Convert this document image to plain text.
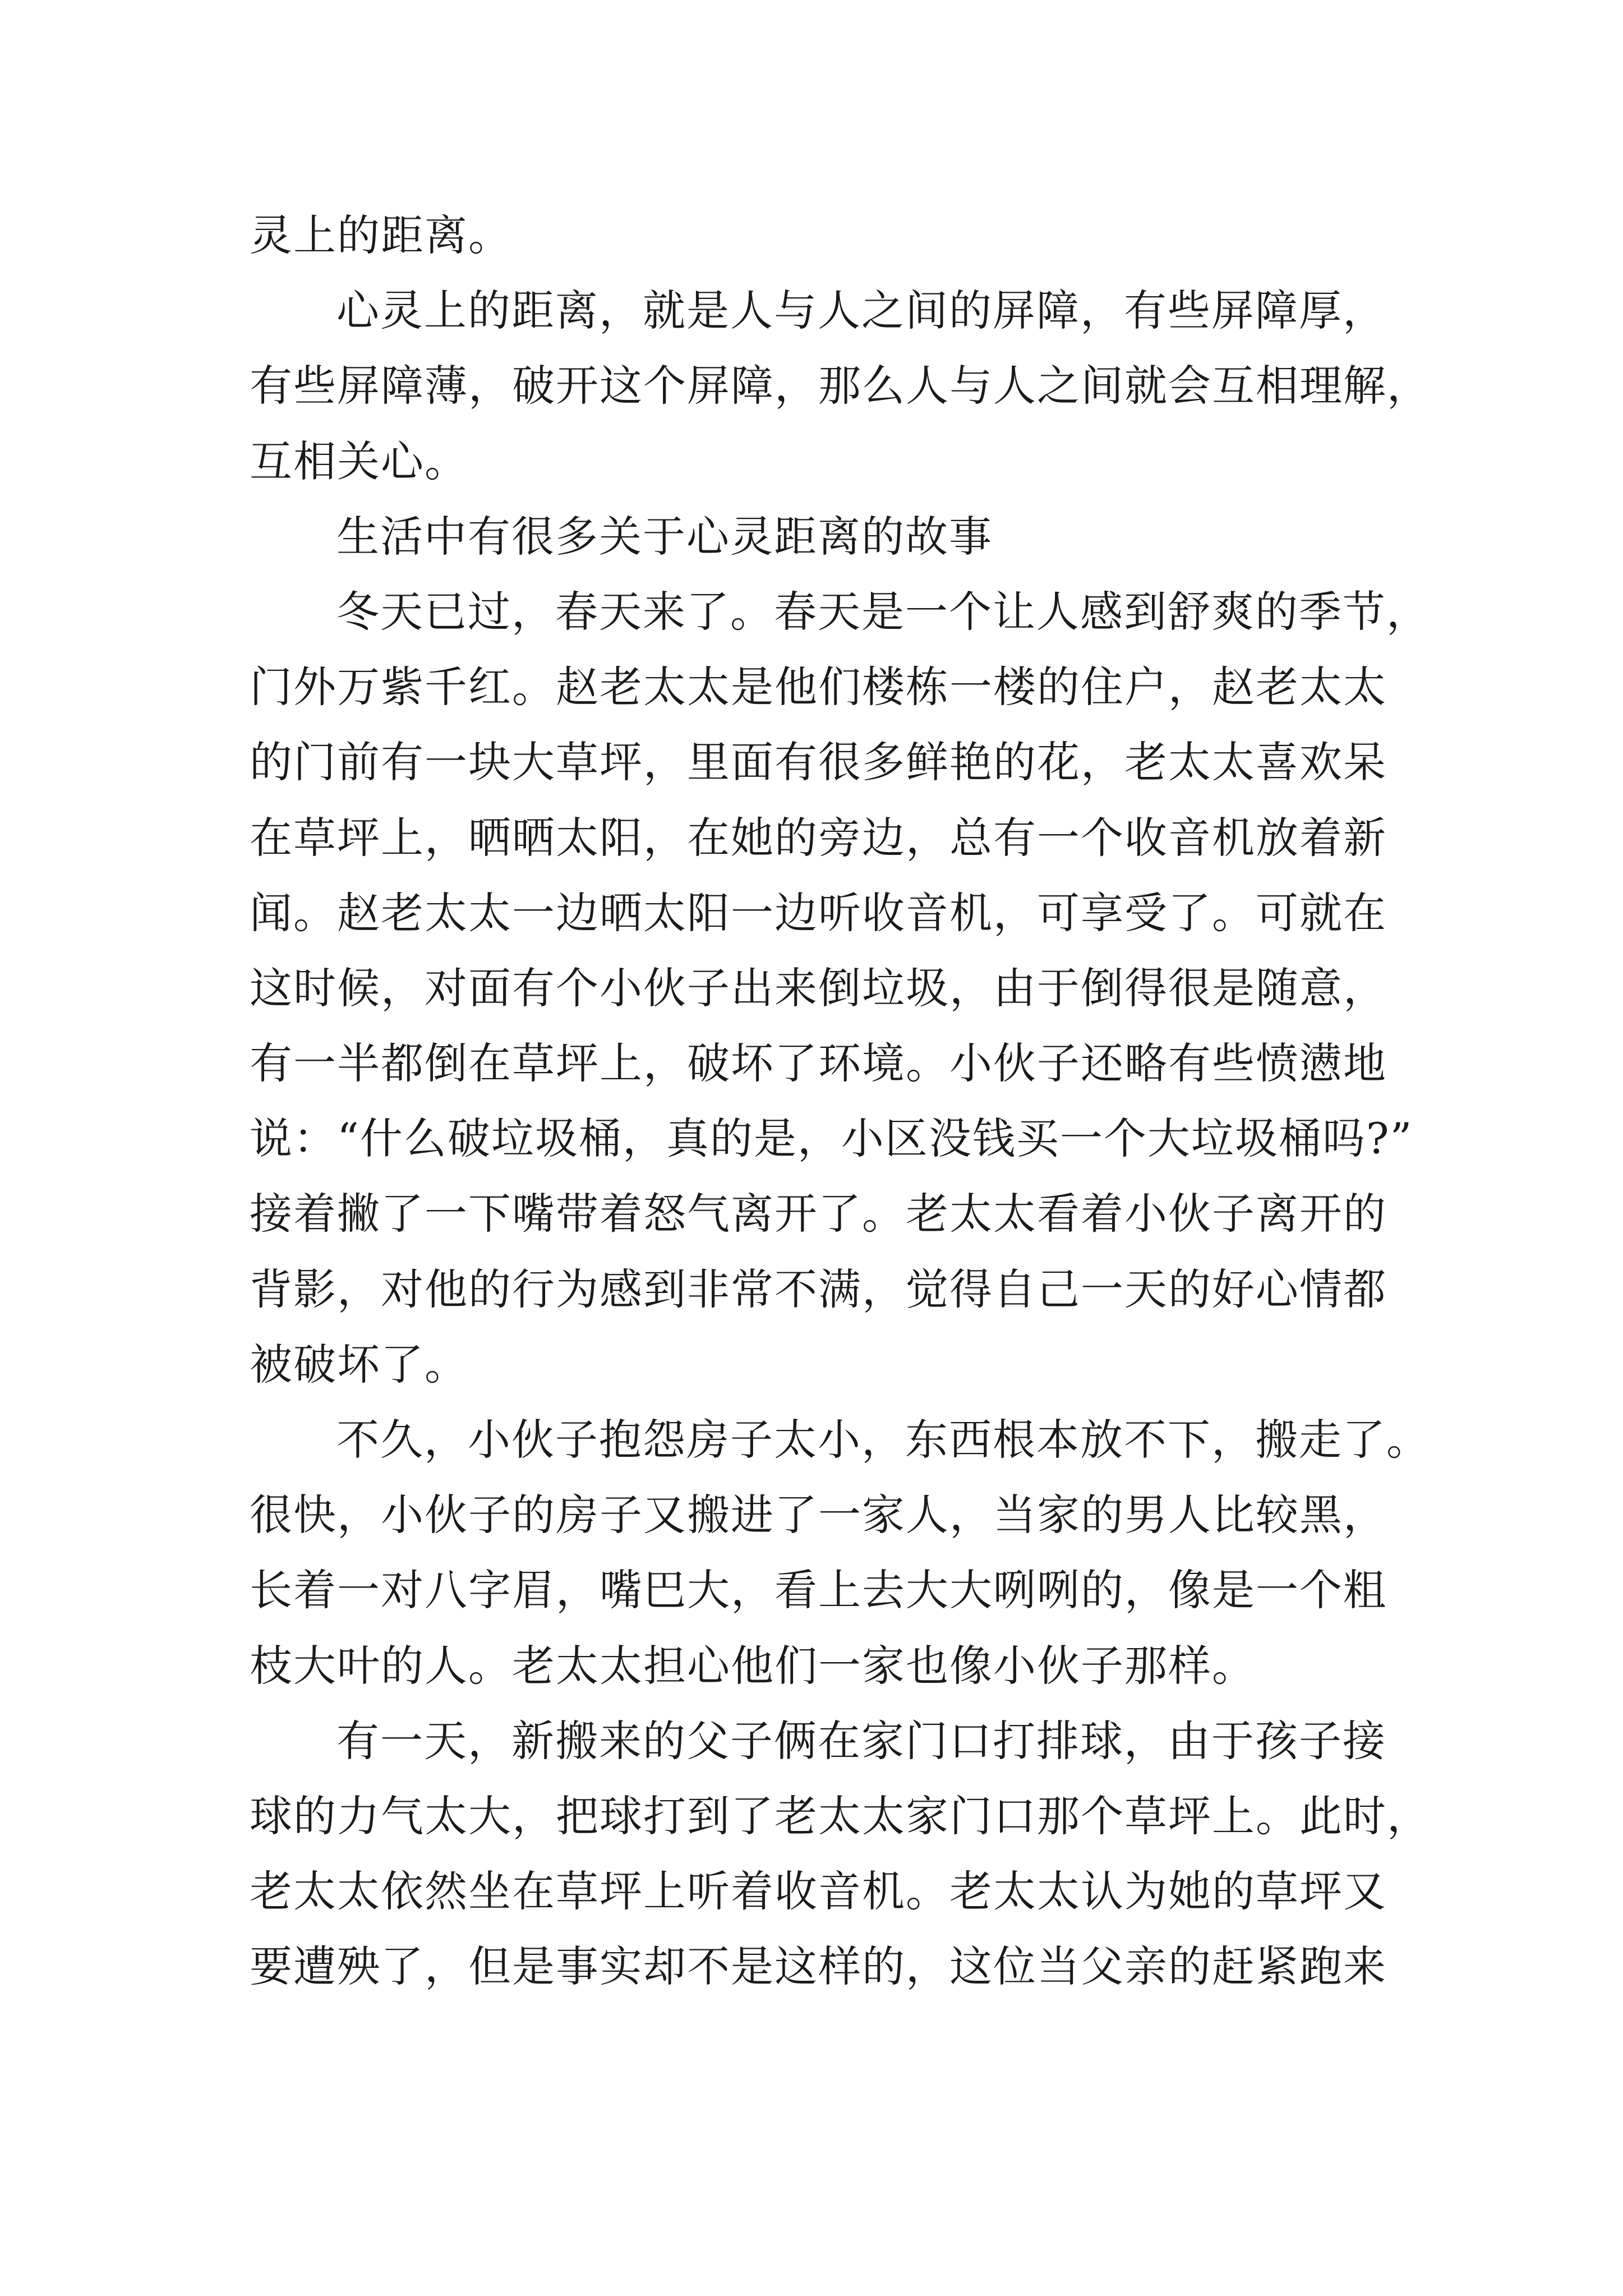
灵上的距离。
心灵上的距离，就是人与人之间的屏障，有些屏障厚，
有些屏障薄，破开这个屏障，那么人与人之间就会互相理解，
互相关心。
生活中有很多关于心灵距离的故事
冬天已过，春天来了。春天是一个让人感到舒爽的季节，
门外万紫千红。赵老太太是他们楼栋一楼的住户，赵老太太
的门前有一块大草坪，里面有很多鲜艳的花，老太太喜欢呆
在草坪上，晒晒太阳，在她的旁边，总有一个收音机放着新
闻。赵老太太一边晒太阳一边听收音机，可享受了。可就在
这时候，对面有个小伙子出来倒垃圾，由于倒得很是随意，
有一半都倒在草坪上，破坏了环境。小伙子还略有些愤懑地
说：“什么破垃圾桶，真的是，小区没钱买一个大垃圾桶吗?”
接着撇了一下嘴带着怒气离开了。老太太看着小伙子离开的
背影，对他的行为感到非常不满，觉得自己一天的好心情都
被破坏了。
不久，小伙子抱怨房子太小，东西根本放不下，搬走了。
很快，小伙子的房子又搬进了一家人，当家的男人比较黑，
长着一对八字眉，嘴巴大，看上去大大咧咧的，像是一个粗
枝大叶的人。老太太担心他们一家也像小伙子那样。
有一天，新搬来的父子俩在家门口打排球，由于孩子接
球的力气太大，把球打到了老太太家门口那个草坪上。此时，
老太太依然坐在草坪上听着收音机。老太太认为她的草坪又
要遭殃了，但是事实却不是这样的，这位当父亲的赶紧跑来
